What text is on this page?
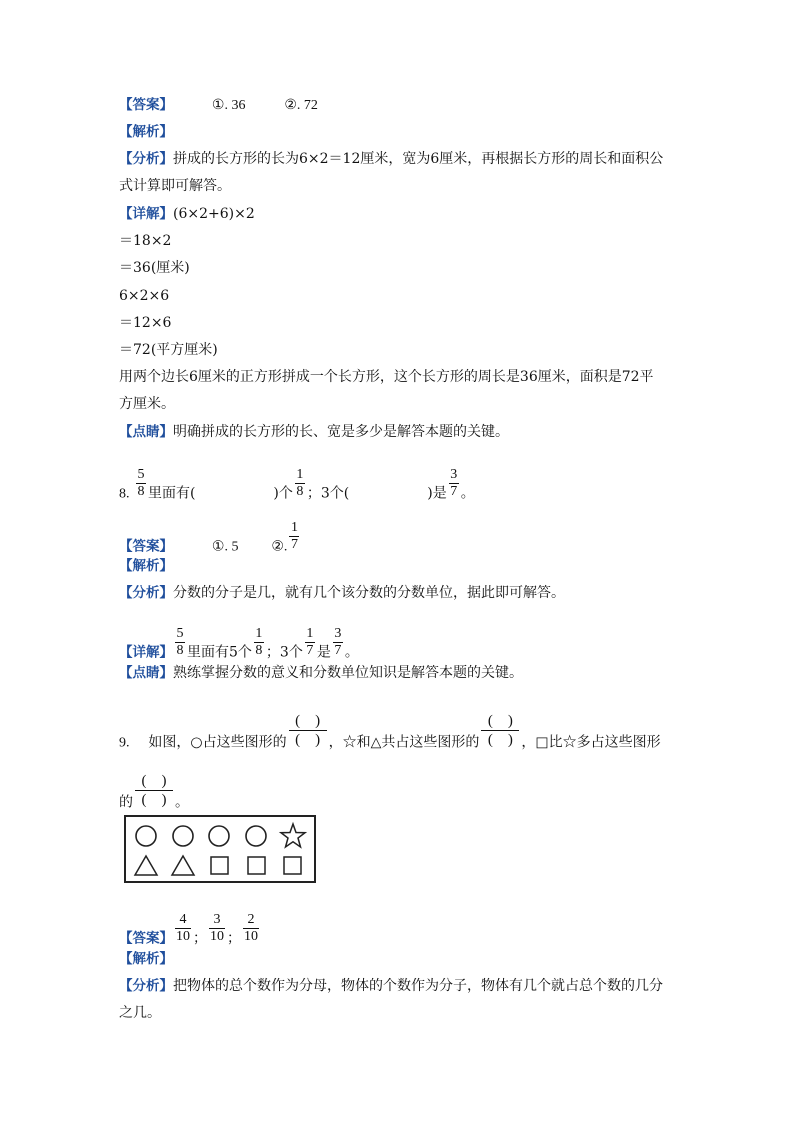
【答案】	①. 36	②. 72
【解析】
【分析】拼成的长方形的长为6×2＝12厘米，宽为6厘米，再根据长方形的周长和面积公
式计算即可解答。
【详解】(6×2+6)×2
＝18×2
＝36(厘米)
6×2×6
＝12×6
＝72(平方厘米)
用两个边长6厘米的正方形拼成一个长方形，这个长方形的周长是36厘米，面积是72平
方厘米。
【点睛】明确拼成的长方形的长、宽是多少是解答本题的关键。
8. $\frac{5}{8}$ 里面有(	)个 $\frac{1}{8}$ ；3个(	)是 $\frac{3}{7}$ 。
【答案】	①. 5 ②. $\frac{1}{7}$
【解析】
【分析】分数的分子是几，就有几个该分数的分数单位，据此即可解答。
【详解】 $\frac{5}{8}$ 里面有5个 $\frac{1}{8}$ ；3个 $\frac{1}{7}$ 是 $\frac{3}{7}$ 。
【点睛】熟练掌握分数的意义和分数单位知识是解答本题的关键。
9. 如图，○占这些图形的 $\frac{( )}{( )}$ ，☆和△共占这些图形的 $\frac{( )}{( )}$ ，□比☆多占这些图形
的 $\frac{( )}{( )}$ 。
【答案】 $\frac{4}{10}$ ； $\frac{3}{10}$ ； $\frac{2}{10}$
【解析】
【分析】把物体的总个数作为分母，物体的个数作为分子，物体有几个就占总个数的几分
之几。
